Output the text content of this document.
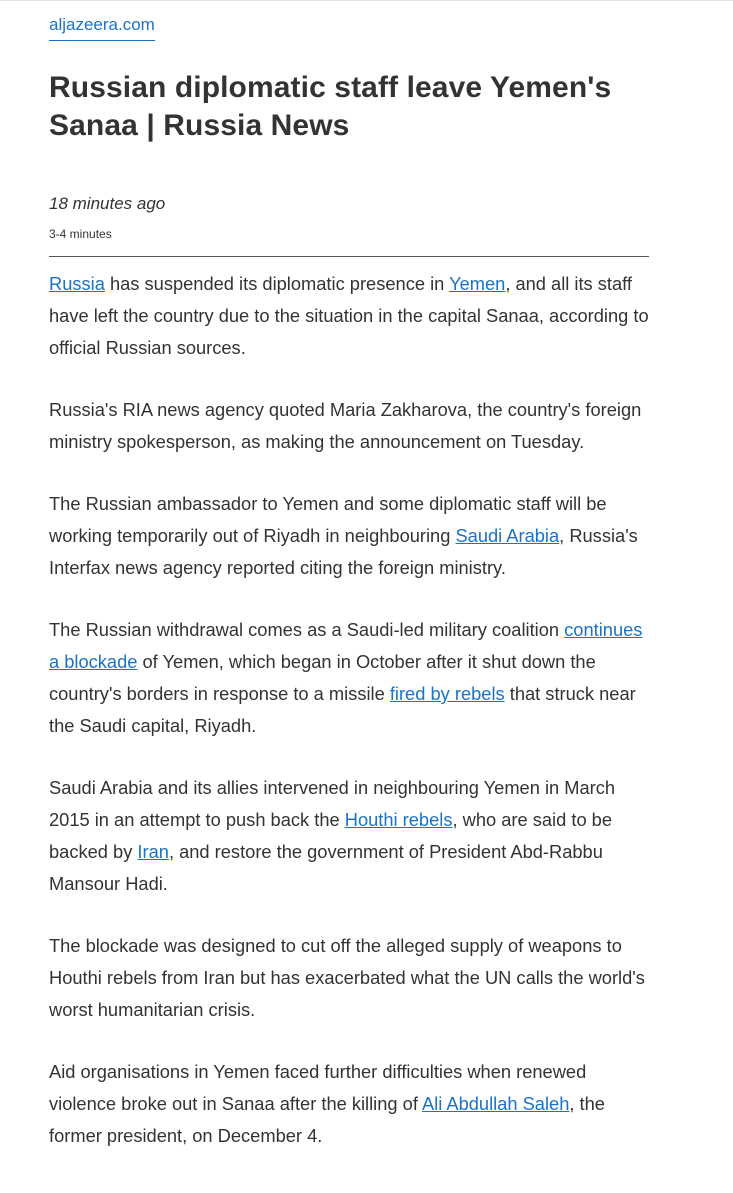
aljazeera.com
Russian diplomatic staff leave Yemen's Sanaa | Russia News
18 minutes ago
3-4 minutes

Russia has suspended its diplomatic presence in Yemen, and all its staff have left the country due to the situation in the capital Sanaa, according to official Russian sources.

Russia's RIA news agency quoted Maria Zakharova, the country's foreign ministry spokesperson, as making the announcement on Tuesday.

The Russian ambassador to Yemen and some diplomatic staff will be working temporarily out of Riyadh in neighbouring Saudi Arabia, Russia's Interfax news agency reported citing the foreign ministry.

The Russian withdrawal comes as a Saudi-led military coalition continues a blockade of Yemen, which began in October after it shut down the country's borders in response to a missile fired by rebels that struck near the Saudi capital, Riyadh.

Saudi Arabia and its allies intervened in neighbouring Yemen in March 2015 in an attempt to push back the Houthi rebels, who are said to be backed by Iran, and restore the government of President Abd-Rabbu Mansour Hadi.

The blockade was designed to cut off the alleged supply of weapons to Houthi rebels from Iran but has exacerbated what the UN calls the world's worst humanitarian crisis.

Aid organisations in Yemen faced further difficulties when renewed violence broke out in Sanaa after the killing of Ali Abdullah Saleh, the former president, on December 4.
